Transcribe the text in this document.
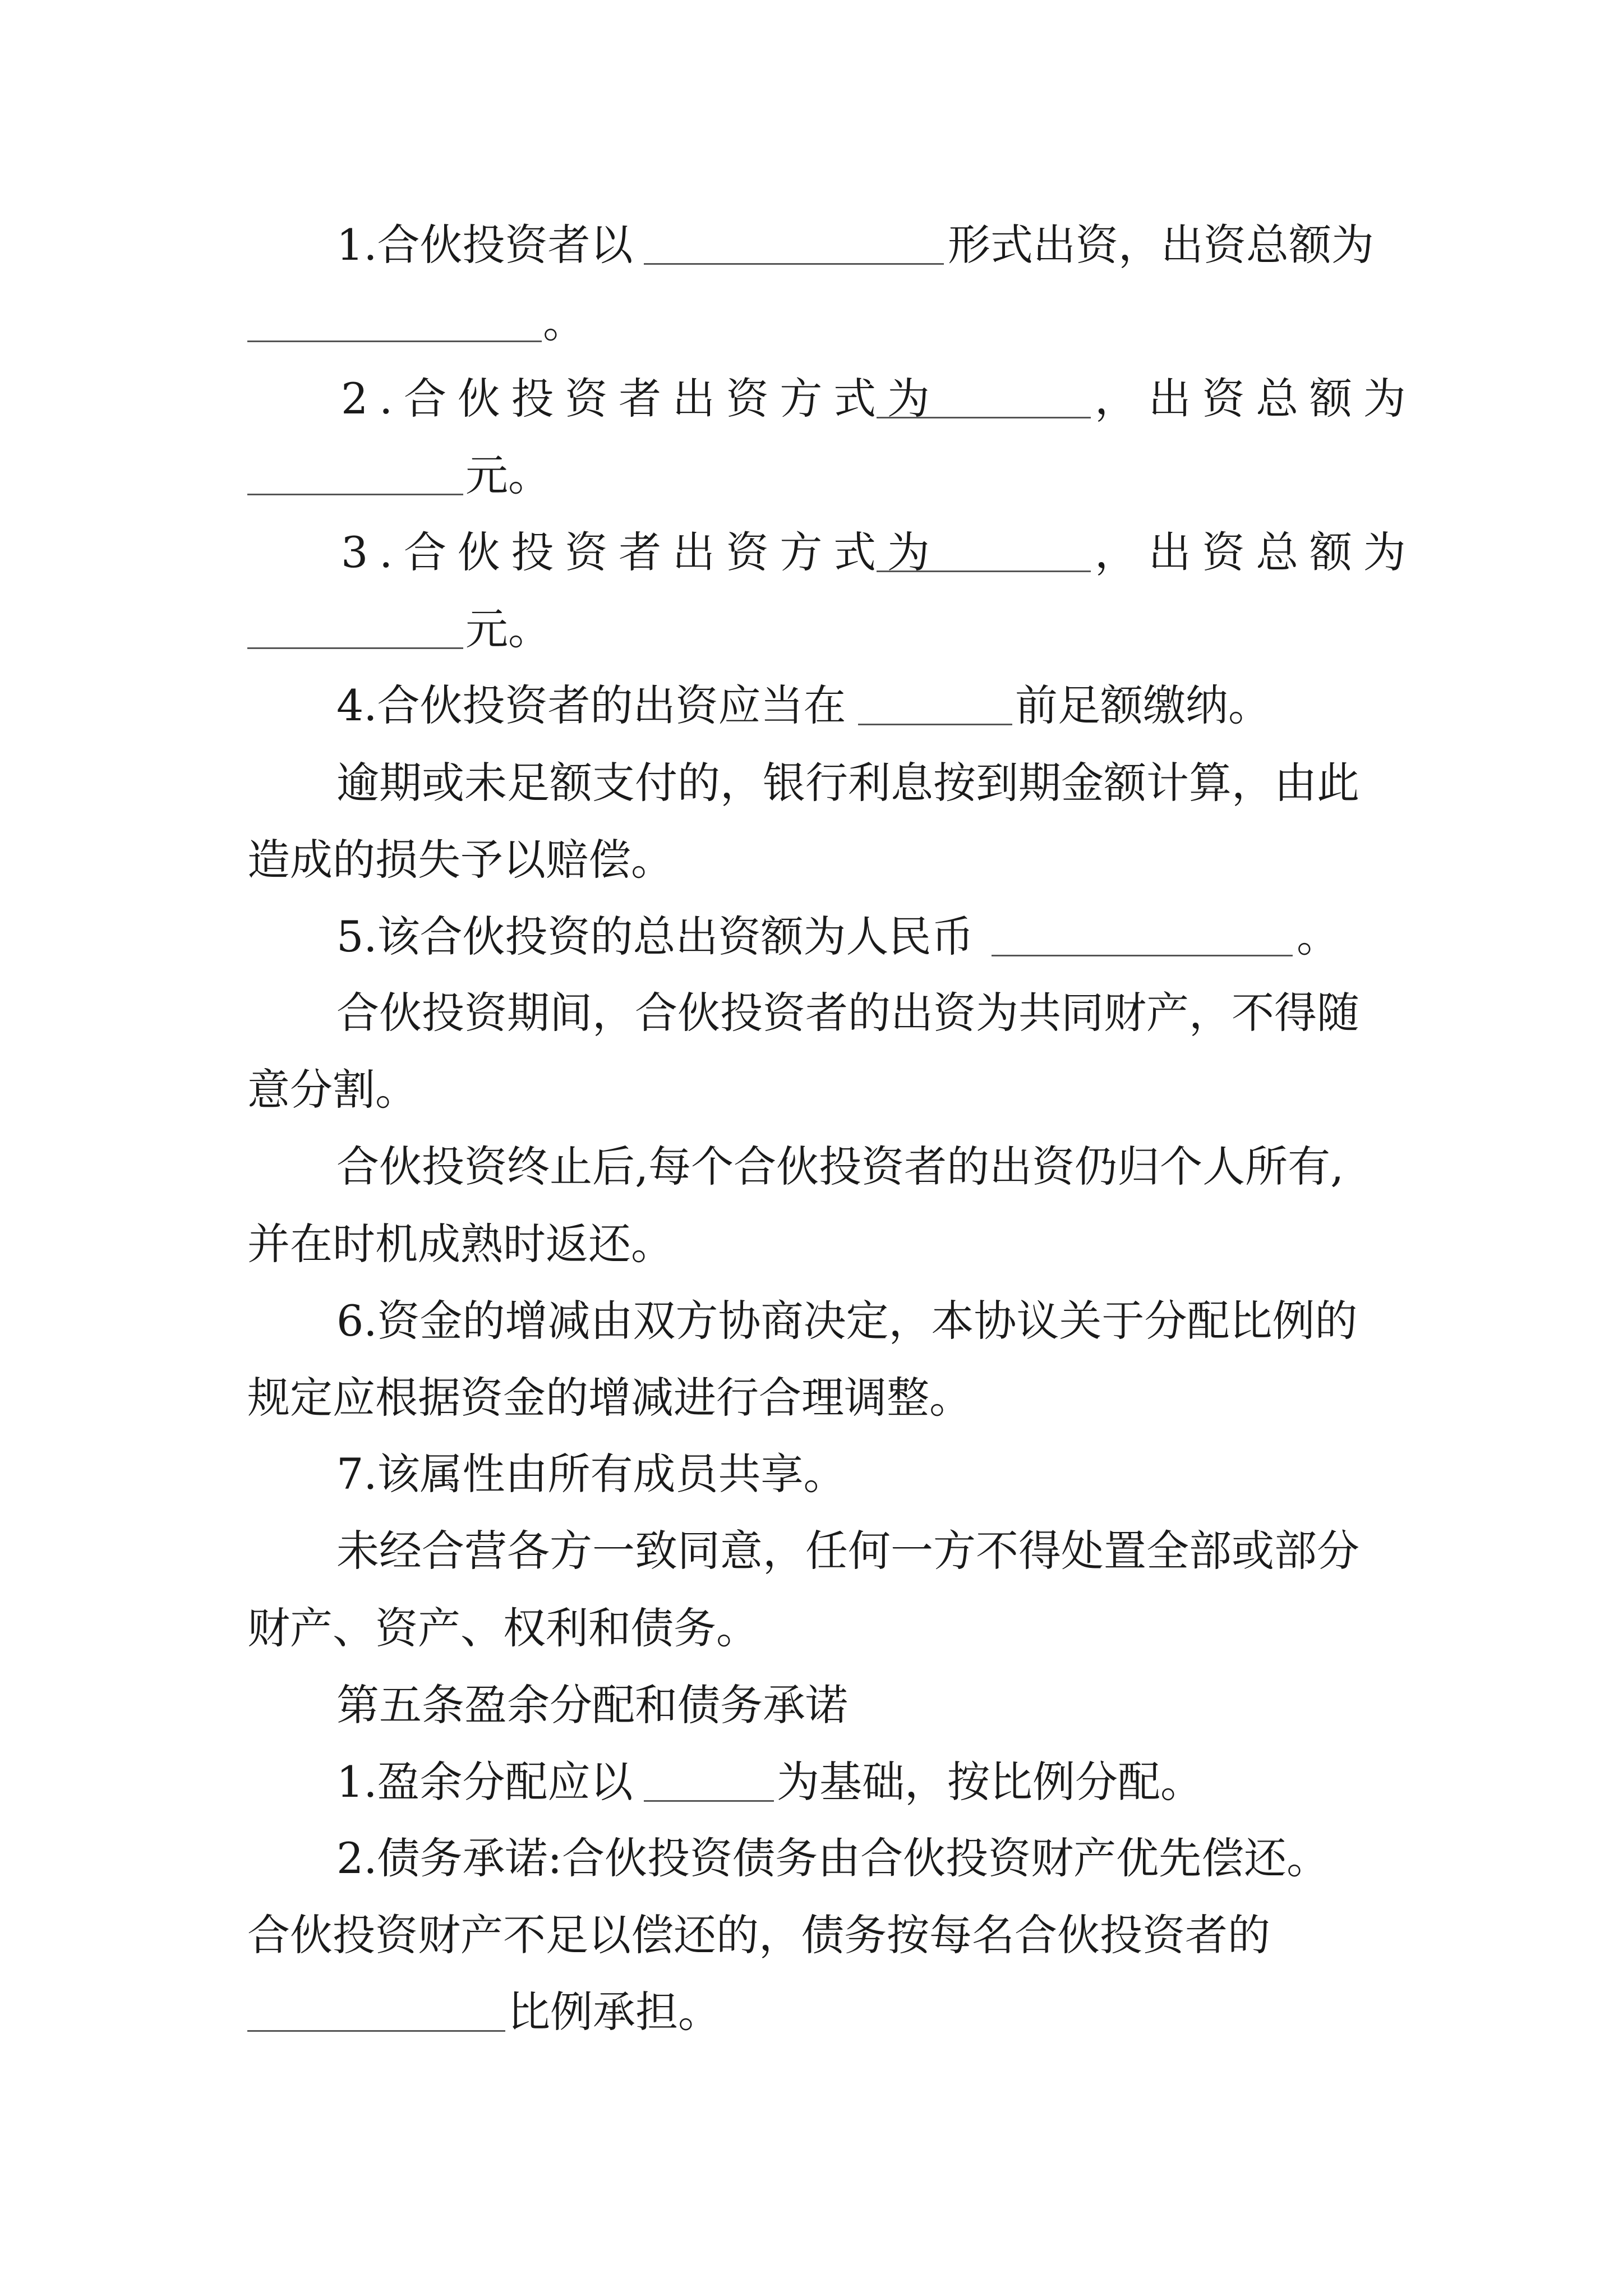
1.合伙投资者以	形式出资，出资总额为
。
2.合伙投资者出资方式为	，出资总额为
元。
3.合伙投资者出资方式为	，出资总额为
元。
4.合伙投资者的出资应当在	前足额缴纳。
逾期或未足额支付的，银行利息按到期金额计算，由此
造成的损失予以赔偿。
5.该合伙投资的总出资额为人民币	。
合伙投资期间，合伙投资者的出资为共同财产，不得随
意分割。
合伙投资终止后,每个合伙投资者的出资仍归个人所有,
并在时机成熟时返还。
6.资金的增减由双方协商决定，本协议关于分配比例的
规定应根据资金的增减进行合理调整。
7.该属性由所有成员共享。
未经合营各方一致同意，任何一方不得处置全部或部分
财产、资产、权利和债务。
第五条盈余分配和债务承诺
1.盈余分配应以	为基础，按比例分配。
2.债务承诺:合伙投资债务由合伙投资财产优先偿还。
合伙投资财产不足以偿还的，债务按每名合伙投资者的
比例承担。
